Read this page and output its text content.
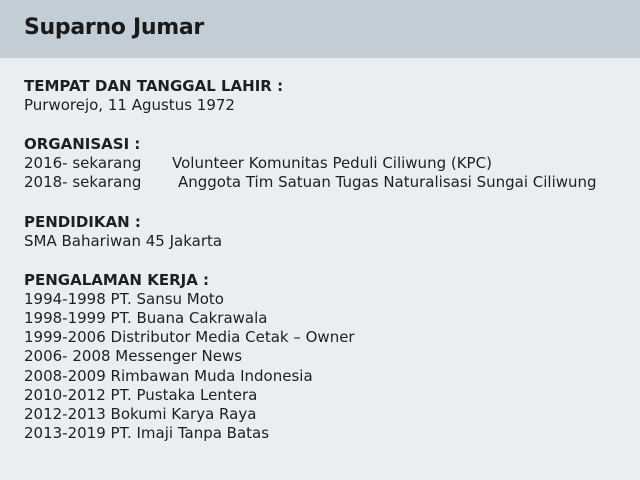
Suparno Jumar
TEMPAT DAN TANGGAL LAHIR :
Purworejo, 11 Agustus 1972
ORGANISASI :
2016- sekarang Volunteer Komunitas Peduli Ciliwung (KPC)
2018- sekarang Anggota Tim Satuan Tugas Naturalisasi Sungai Ciliwung
PENDIDIKAN :
SMA Bahariwan 45 Jakarta
PENGALAMAN KERJA :
1994-1998 PT. Sansu Moto
1998-1999 PT. Buana Cakrawala
1999-2006 Distributor Media Cetak – Owner
2006- 2008 Messenger News
2008-2009 Rimbawan Muda Indonesia
2010-2012 PT. Pustaka Lentera
2012-2013 Bokumi Karya Raya
2013-2019 PT. Imaji Tanpa Batas
